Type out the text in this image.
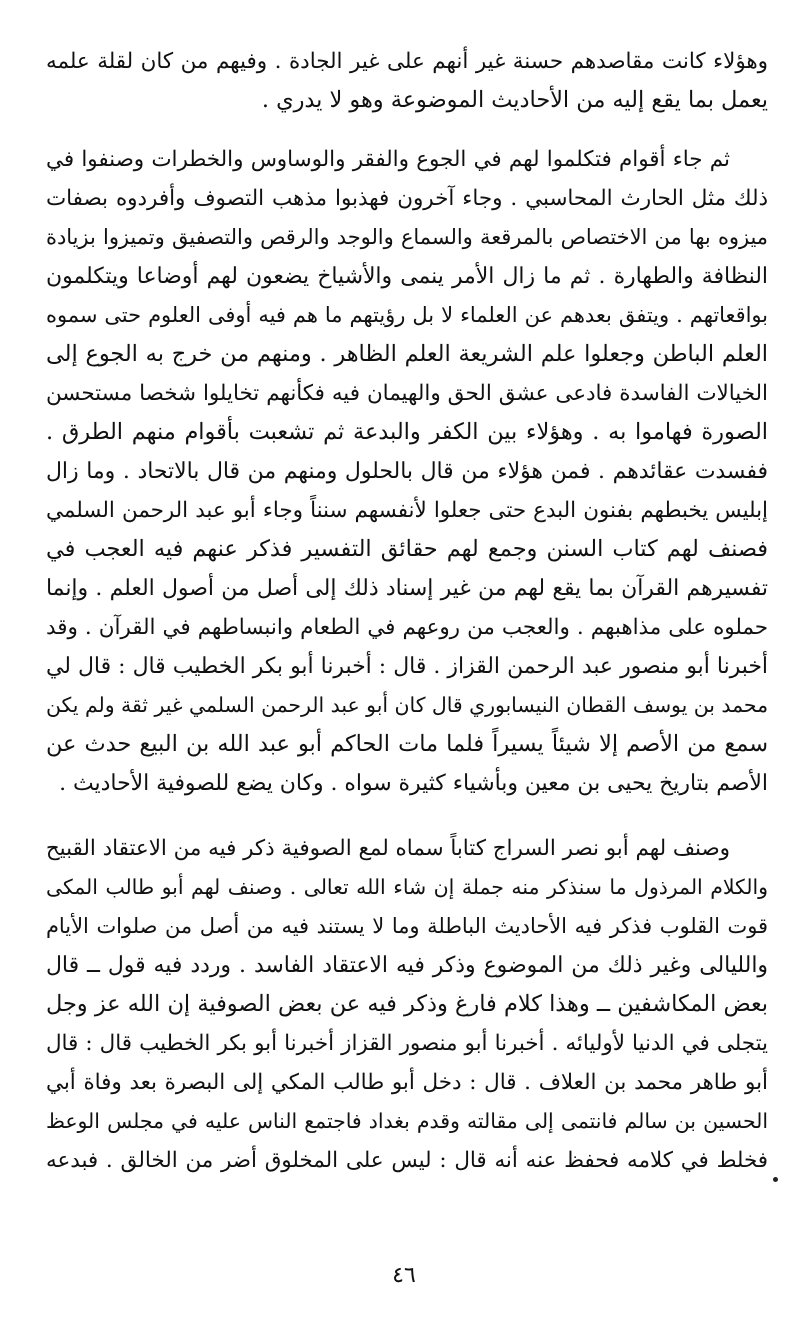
وهؤلاء كانت مقاصدهم حسنة غير أنهم على غير الجادة . وفيهم من كان لقلة علمه

يعمل بما يقع إليه من الأحاديث الموضوعة وهو لا يدري .

ثم جاء أقوام فتكلموا لهم في الجوع والفقر والوساوس والخطرات وصنفوا في

ذلك مثل الحارث المحاسبي . وجاء آخرون فهذبوا مذهب التصوف وأفردوه بصفات

ميزوه بها من الاختصاص بالمرقعة والسماع والوجد والرقص والتصفيق وتميزوا بزيادة

النظافة والطهارة . ثم ما زال الأمر ينمى والأشياخ يضعون لهم أوضاعا ويتكلمون

بواقعاتهم . ويتفق بعدهم عن العلماء لا بل رؤيتهم ما هم فيه أوفى العلوم حتى سموه

العلم الباطن وجعلوا علم الشريعة العلم الظاهر . ومنهم من خرج به الجوع إلى

الخيالات الفاسدة فادعى عشق الحق والهيمان فيه فكأنهم تخايلوا شخصا مستحسن

الصورة فهاموا به . وهؤلاء بين الكفر والبدعة ثم تشعبت بأقوام منهم الطرق .

ففسدت عقائدهم . فمن هؤلاء من قال بالحلول ومنهم من قال بالاتحاد . وما زال

إبليس يخبطهم بفنون البدع حتى جعلوا لأنفسهم سنناً وجاء أبو عبد الرحمن السلمي

فصنف لهم كتاب السنن وجمع لهم حقائق التفسير فذكر عنهم فيه العجب في

تفسيرهم القرآن بما يقع لهم من غير إسناد ذلك إلى أصل من أصول العلم . وإنما

حملوه على مذاهبهم . والعجب من روعهم في الطعام وانبساطهم في القرآن . وقد

أخبرنا أبو منصور عبد الرحمن القزاز . قال : أخبرنا أبو بكر الخطيب قال : قال لي

محمد بن يوسف القطان النيسابوري قال كان أبو عبد الرحمن السلمي غير ثقة ولم يكن

سمع من الأصم إلا شيئاً يسيراً فلما مات الحاكم أبو عبد الله بن البيع حدث عن

الأصم بتاريخ يحيى بن معين وبأشياء كثيرة سواه . وكان يضع للصوفية الأحاديث .

وصنف لهم أبو نصر السراج كتاباً سماه لمع الصوفية ذكر فيه من الاعتقاد القبيح

والكلام المرذول ما سنذكر منه جملة إن شاء الله تعالى . وصنف لهم أبو طالب المكى

قوت القلوب فذكر فيه الأحاديث الباطلة وما لا يستند فيه من أصل من صلوات الأيام

والليالى وغير ذلك من الموضوع وذكر فيه الاعتقاد الفاسد . وردد فيه قول ــ قال

بعض المكاشفين ــ وهذا كلام فارغ وذكر فيه عن بعض الصوفية إن الله عز وجل

يتجلى في الدنيا لأوليائه . أخبرنا أبو منصور القزاز أخبرنا أبو بكر الخطيب قال : قال

أبو طاهر محمد بن العلاف . قال : دخل أبو طالب المكي إلى البصرة بعد وفاة أبي

الحسين بن سالم فانتمى إلى مقالته وقدم بغداد فاجتمع الناس عليه في مجلس الوعظ

فخلط في كلامه فحفظ عنه أنه قال : ليس على المخلوق أضر من الخالق . فبدعه

٤٦
